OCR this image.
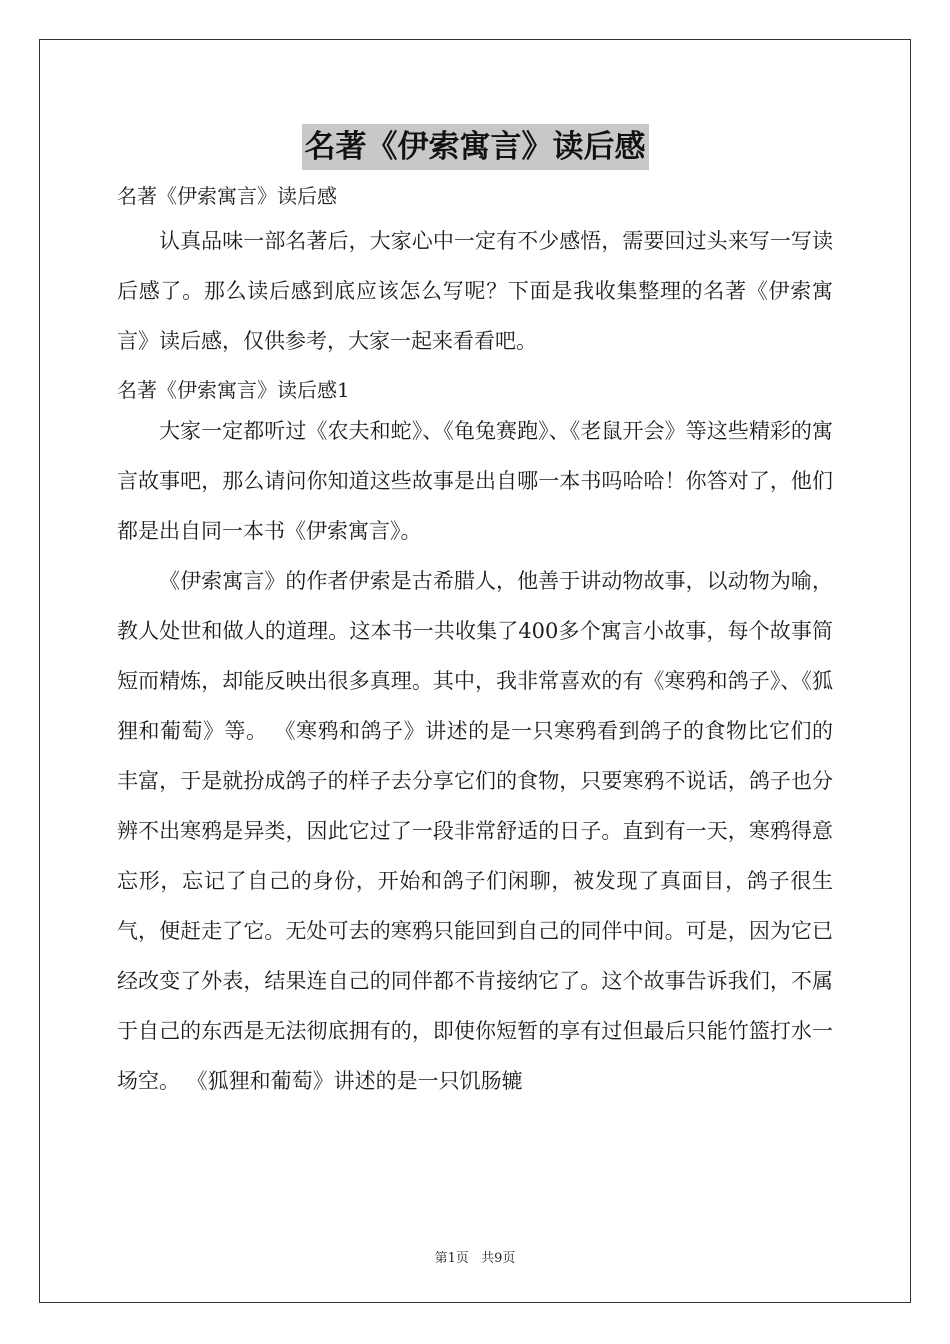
名著《伊索寓言》读后感
名著《伊索寓言》读后感

认真品味一部名著后，大家心中一定有不少感悟，需要回过头来写一写读后感了。那么读后感到底应该怎么写呢？下面是我收集整理的名著《伊索寓言》读后感，仅供参考，大家一起来看看吧。

名著《伊索寓言》读后感1

大家一定都听过《农夫和蛇》、《龟兔赛跑》、《老鼠开会》等这些精彩的寓言故事吧，那么请问你知道这些故事是出自哪一本书吗哈哈！你答对了，他们都是出自同一本书《伊索寓言》。

《伊索寓言》的作者伊索是古希腊人，他善于讲动物故事，以动物为喻，教人处世和做人的道理。这本书一共收集了400多个寓言小故事，每个故事简短而精炼，却能反映出很多真理。其中，我非常喜欢的有《寒鸦和鸽子》、《狐狸和葡萄》等。 《寒鸦和鸽子》讲述的是一只寒鸦看到鸽子的食物比它们的丰富，于是就扮成鸽子的样子去分享它们的食物，只要寒鸦不说话，鸽子也分辨不出寒鸦是异类，因此它过了一段非常舒适的日子。直到有一天，寒鸦得意忘形，忘记了自己的身份，开始和鸽子们闲聊，被发现了真面目，鸽子很生气，便赶走了它。无处可去的寒鸦只能回到自己的同伴中间。可是，因为它已经改变了外表，结果连自己的同伴都不肯接纳它了。这个故事告诉我们，不属于自己的东西是无法彻底拥有的，即使你短暂的享有过但最后只能竹篮打水一场空。 《狐狸和葡萄》讲述的是一只饥肠辘

第1页 共9页
